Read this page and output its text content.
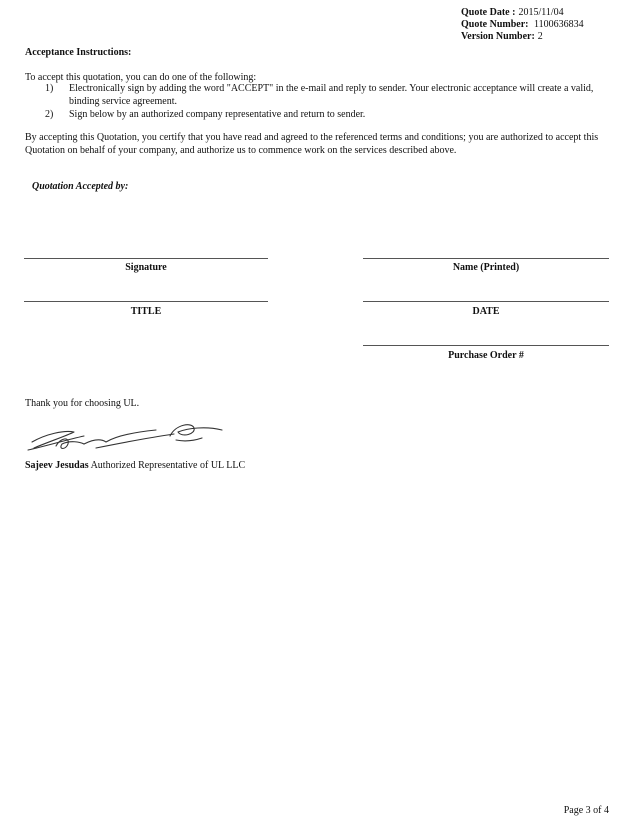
Quote Date : 2015/11/04
Quote Number: 1100636834
Version Number: 2
Acceptance Instructions:
To accept this quotation, you can do one of the following:
1) Electronically sign by adding the word "ACCEPT" in the e-mail and reply to sender. Your electronic acceptance will create a valid, binding service agreement.
2) Sign below by an authorized company representative and return to sender.
By accepting this Quotation, you certify that you have read and agreed to the referenced terms and conditions; you are authorized to accept this Quotation on behalf of your company, and authorize us to commence work on the services described above.
Quotation Accepted by:
Signature	Name (Printed)
TITLE	DATE
Purchase Order #
Thank you for choosing UL.
Sajeev Jesudas Authorized Representative of UL LLC
Page 3 of 4
